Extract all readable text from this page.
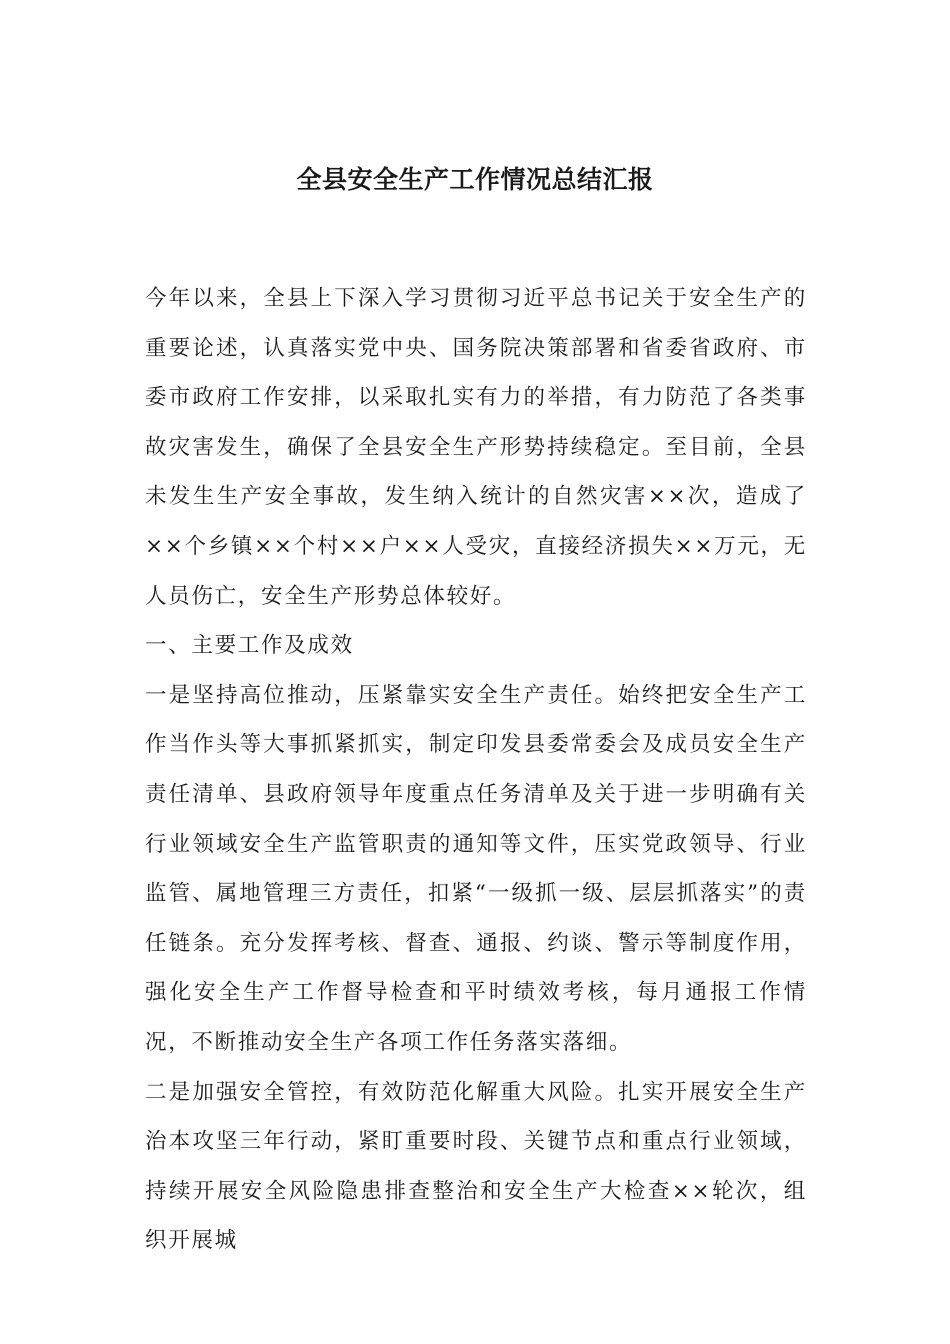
全县安全生产工作情况总结汇报

今年以来，全县上下深入学习贯彻习近平总书记关于安全生产的重要论述，认真落实党中央、国务院决策部署和省委省政府、市委市政府工作安排，以采取扎实有力的举措，有力防范了各类事故灾害发生，确保了全县安全生产形势持续稳定。至目前，全县未发生生产安全事故，发生纳入统计的自然灾害××次，造成了××个乡镇××个村××户××人受灾，直接经济损失××万元，无人员伤亡，安全生产形势总体较好。

一、主要工作及成效

一是坚持高位推动，压紧靠实安全生产责任。始终把安全生产工作当作头等大事抓紧抓实，制定印发县委常委会及成员安全生产责任清单、县政府领导年度重点任务清单及关于进一步明确有关行业领域安全生产监管职责的通知等文件，压实党政领导、行业监管、属地管理三方责任，扣紧“一级抓一级、层层抓落实”的责任链条。充分发挥考核、督查、通报、约谈、警示等制度作用，强化安全生产工作督导检查和平时绩效考核，每月通报工作情况，不断推动安全生产各项工作任务落实落细。

二是加强安全管控，有效防范化解重大风险。扎实开展安全生产治本攻坚三年行动，紧盯重要时段、关键节点和重点行业领域，持续开展安全风险隐患排查整治和安全生产大检查××轮次，组织开展城
